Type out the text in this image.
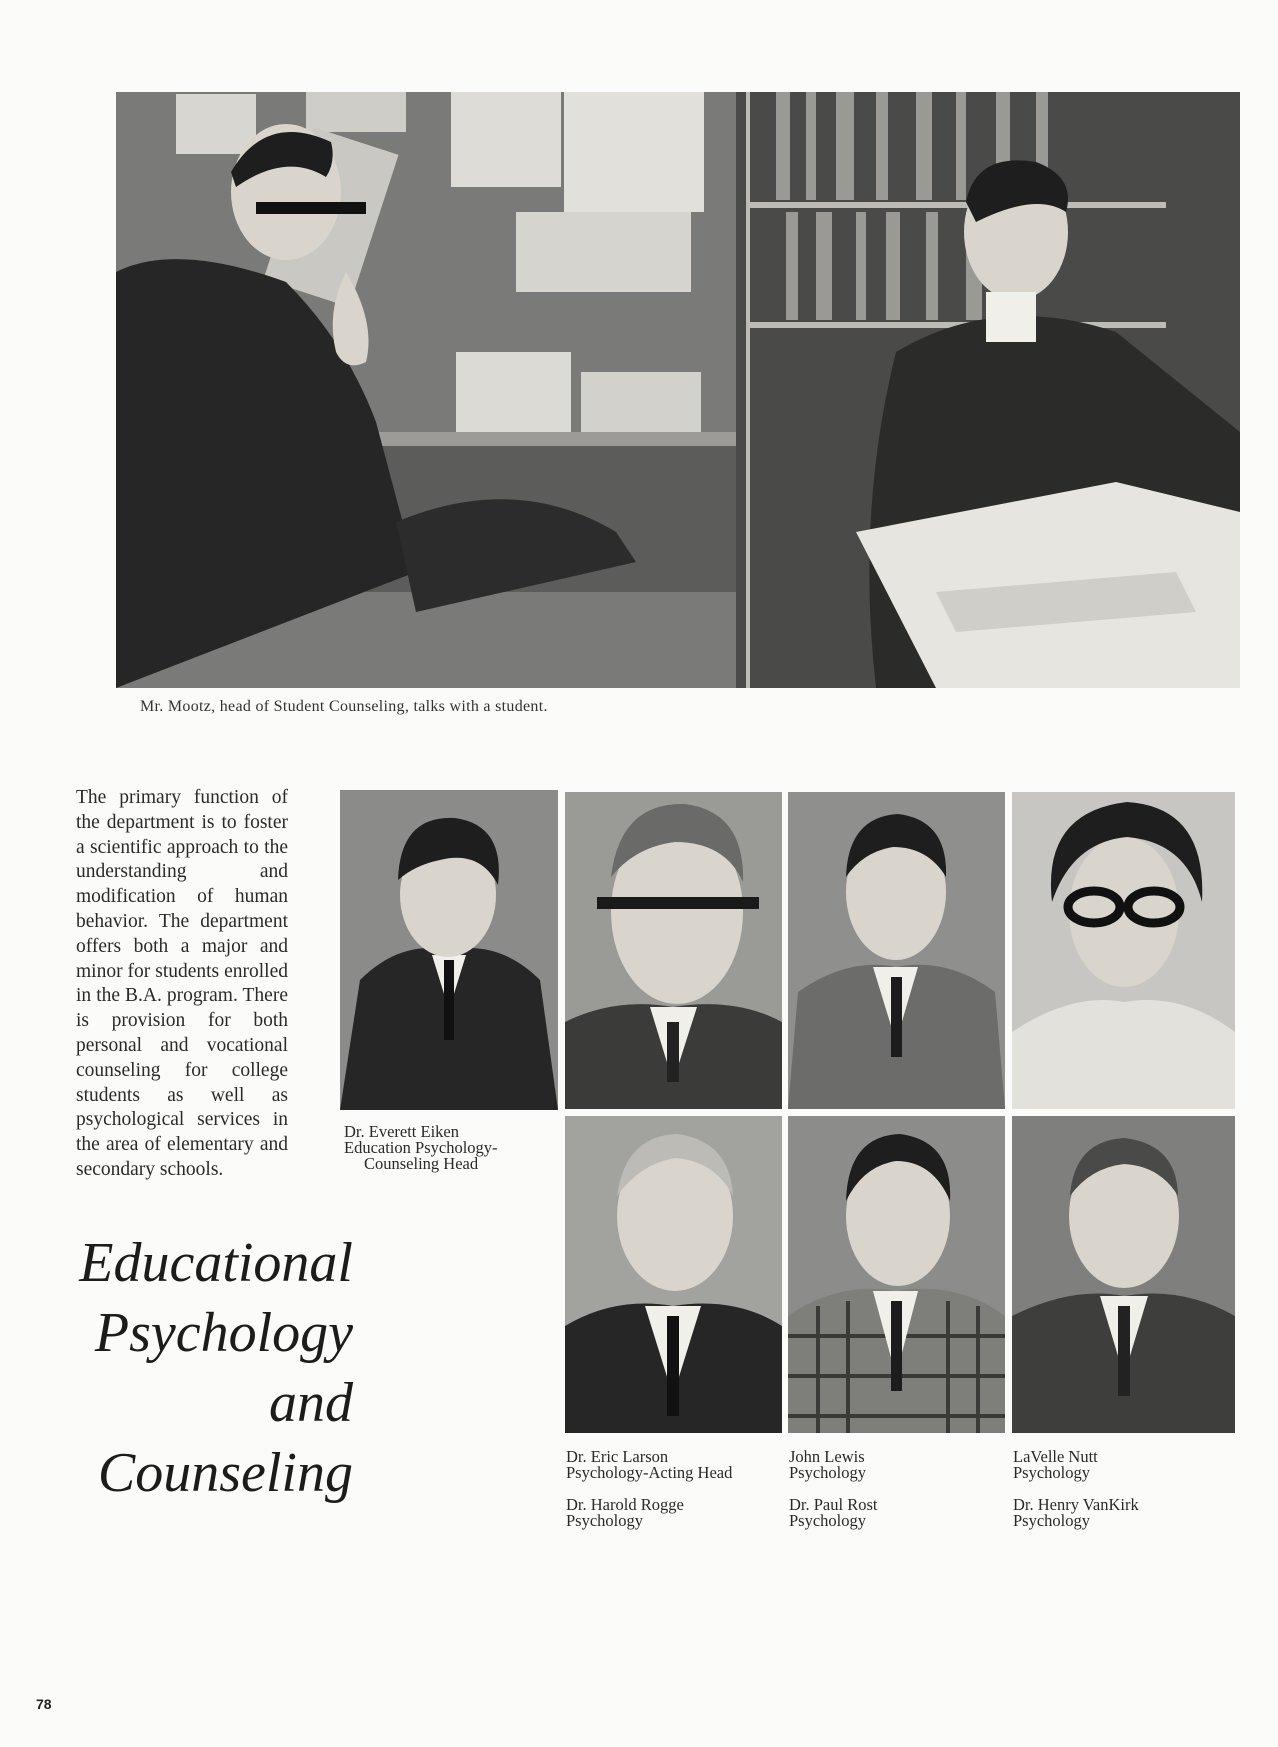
Mr. Mootz, head of Student Counseling, talks with a student.
The primary function of the department is to foster a scientific approach to the understanding and modification of human behavior. The department offers both a major and minor for students enrolled in the B.A. program. There is provision for both personal and vocational counseling for college students as well as psychological services in the area of elementary and secondary schools.
Educational
Psychology
and
Counseling
Dr. Everett Eiken
Education Psychology-
Counseling Head
Dr. Eric Larson
Psychology-Acting Head
Dr. Harold Rogge
Psychology
John Lewis
Psychology
Dr. Paul Rost
Psychology
LaVelle Nutt
Psychology
Dr. Henry VanKirk
Psychology
78
